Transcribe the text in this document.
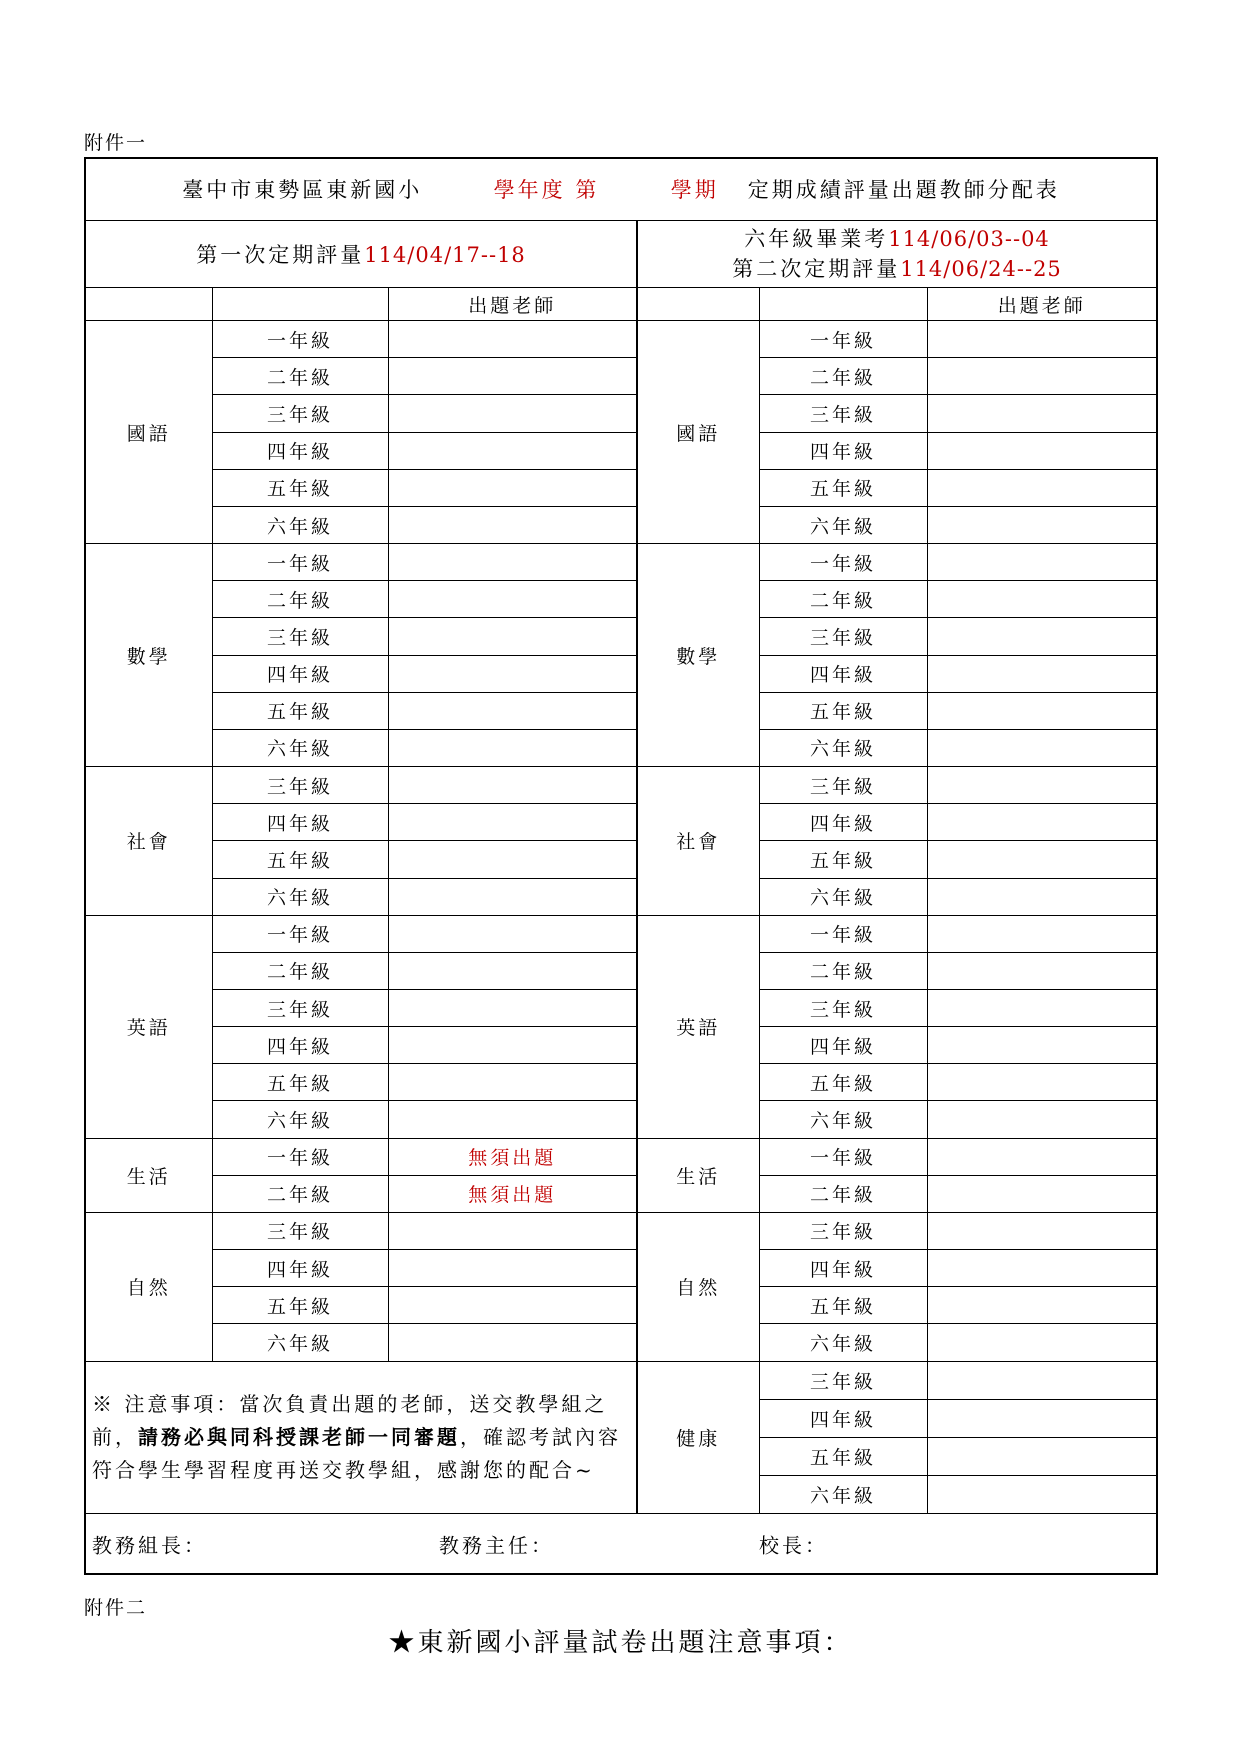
附件一
臺中市東勢區東新國小 學年度 第 學期 定期成績評量出題教師分配表					
第一次定期評量114/04/17--18			六年級畢業考114/06/03--04
第二次定期評量114/06/24--25		
		出題老師			出題老師
國語	一年級		國語	一年級	
	二年級			二年級	
	三年級			三年級	
	四年級			四年級	
	五年級			五年級	
	六年級			六年級	
數學	一年級		數學	一年級	
	二年級			二年級	
	三年級			三年級	
	四年級			四年級	
	五年級			五年級	
	六年級			六年級	
社會	三年級		社會	三年級	
	四年級			四年級	
	五年級			五年級	
	六年級			六年級	
英語	一年級		英語	一年級	
	二年級			二年級	
	三年級			三年級	
	四年級			四年級	
	五年級			五年級	
	六年級			六年級	
生活	一年級	無須出題	生活	一年級	
	二年級	無須出題		二年級	
自然	三年級		自然	三年級	
	四年級			四年級	
	五年級			五年級	
	六年級			六年級	
※ 注意事項：當次負責出題的老師，送交教學組之前，請務必與同科授課老師一同審題，確認考試內容符合學生學習程度再送交教學組，感謝您的配合~			健康	三年級	
				四年級	
				五年級	
				六年級	

教務組長： 教務主任： 校長：					
附件二
★東新國小評量試卷出題注意事項：
